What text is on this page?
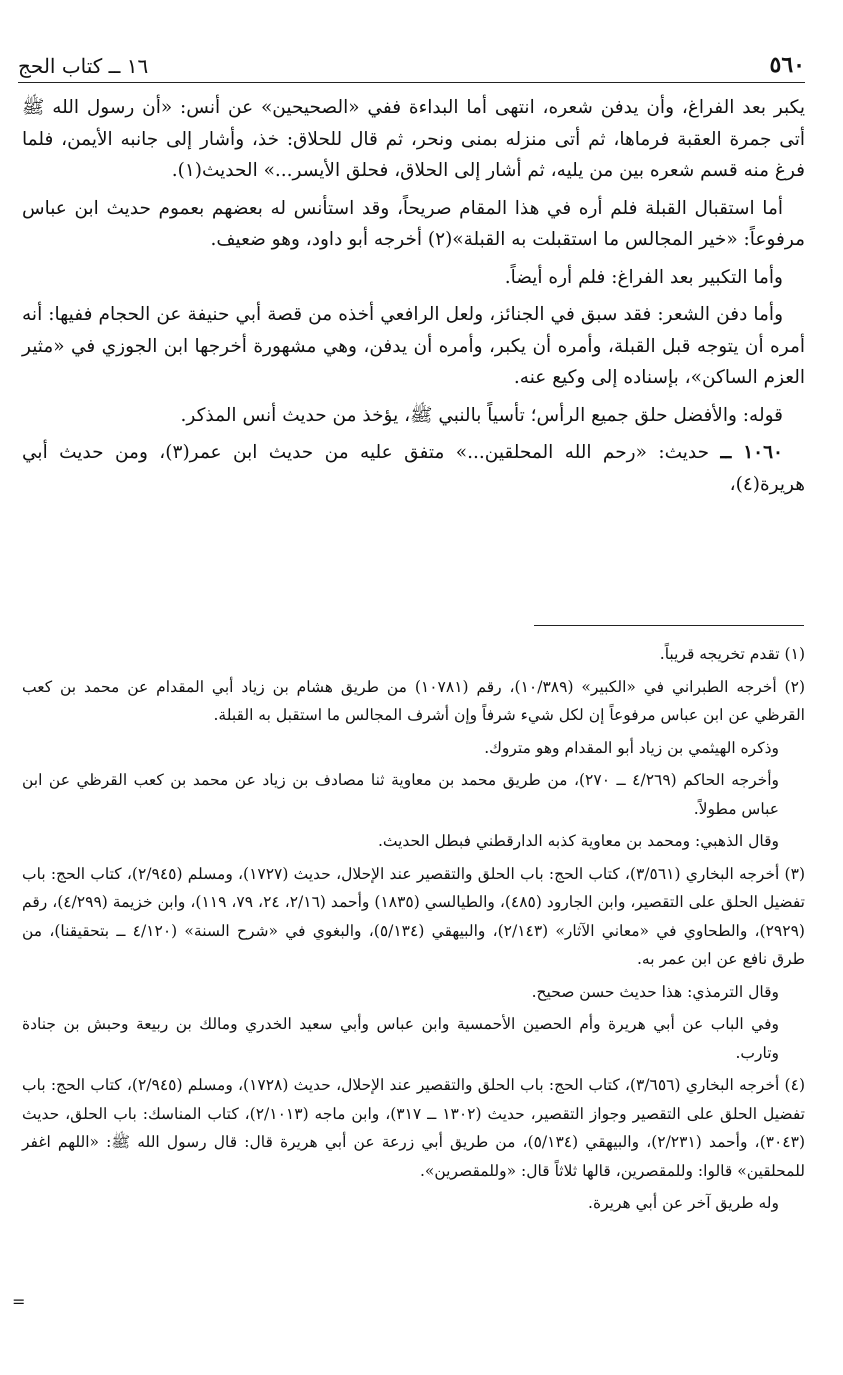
٥٦٠
١٦ ــ كتاب الحج

يكبر بعد الفراغ، وأن يدفن شعره، انتهى أما البداءة ففي «الصحيحين» عن أنس: «أن رسول الله ﷺ أتى جمرة العقبة فرماها، ثم أتى منزله بمنى ونحر، ثم قال للحلاق: خذ، وأشار إلى جانبه الأيمن، فلما فرغ منه قسم شعره بين من يليه، ثم أشار إلى الحلاق، فحلق الأيسر...» الحديث(١).

أما استقبال القبلة فلم أره في هذا المقام صريحاً، وقد استأنس له بعضهم بعموم حديث ابن عباس مرفوعاً: «خير المجالس ما استقبلت به القبلة»(٢) أخرجه أبو داود، وهو ضعيف.

وأما التكبير بعد الفراغ: فلم أره أيضاً.

وأما دفن الشعر: فقد سبق في الجنائز، ولعل الرافعي أخذه من قصة أبي حنيفة عن الحجام ففيها: أنه أمره أن يتوجه قبل القبلة، وأمره أن يكبر، وأمره أن يدفن، وهي مشهورة أخرجها ابن الجوزي في «مثير العزم الساكن»، بإسناده إلى وكيع عنه.

قوله: والأفضل حلق جميع الرأس؛ تأسياً بالنبي ﷺ، يؤخذ من حديث أنس المذكر.

١٠٦٠ ــ حديث: «رحم الله المحلقين...» متفق عليه من حديث ابن عمر(٣)، ومن حديث أبي هريرة(٤)،

(١) تقدم تخريجه قريباً.

(٢) أخرجه الطبراني في «الكبير» (١٠/٣٨٩)، رقم (١٠٧٨١) من طريق هشام بن زياد أبي المقدام عن محمد بن كعب القرظي عن ابن عباس مرفوعاً إن لكل شيء شرفاً وإن أشرف المجالس ما استقبل به القبلة.

وذكره الهيثمي بن زياد أبو المقدام وهو متروك.

وأخرجه الحاكم (٤/٢٦٩ ــ ٢٧٠)، من طريق محمد بن معاوية ثنا مصادف بن زياد عن محمد بن كعب القرظي عن ابن عباس مطولاً.

وقال الذهبي: ومحمد بن معاوية كذبه الدارقطني فبطل الحديث.

(٣) أخرجه البخاري (٣/٥٦١)، كتاب الحج: باب الحلق والتقصير عند الإحلال، حديث (١٧٢٧)، ومسلم (٢/٩٤٥)، كتاب الحج: باب تفضيل الحلق على التقصير، وابن الجارود (٤٨٥)، والطيالسي (١٨٣٥) وأحمد (٢/١٦، ٢٤، ٧٩، ١١٩)، وابن خزيمة (٤/٢٩٩)، رقم (٢٩٢٩)، والطحاوي في «معاني الآثار» (٢/١٤٣)، والبيهقي (٥/١٣٤)، والبغوي في «شرح السنة» (٤/١٢٠ ــ بتحقيقنا)، من طرق نافع عن ابن عمر به.

وقال الترمذي: هذا حديث حسن صحيح.

وفي الباب عن أبي هريرة وأم الحصين الأحمسية وابن عباس وأبي سعيد الخدري ومالك بن ربيعة وحبش بن جنادة وتارب.

(٤) أخرجه البخاري (٣/٦٥٦)، كتاب الحج: باب الحلق والتقصير عند الإحلال، حديث (١٧٢٨)، ومسلم (٢/٩٤٥)، كتاب الحج: باب تفضيل الحلق على التقصير وجواز التقصير، حديث (١٣٠٢ ــ ٣١٧)، وابن ماجه (٢/١٠١٣)، كتاب المناسك: باب الحلق، حديث (٣٠٤٣)، وأحمد (٢/٢٣١)، والبيهقي (٥/١٣٤)، من طريق أبي زرعة عن أبي هريرة قال: قال رسول الله ﷺ: «اللهم اغفر للمحلقين» قالوا: وللمقصرين، قالها ثلاثاً قال: «وللمقصرين».

وله طريق آخر عن أبي هريرة.

=
